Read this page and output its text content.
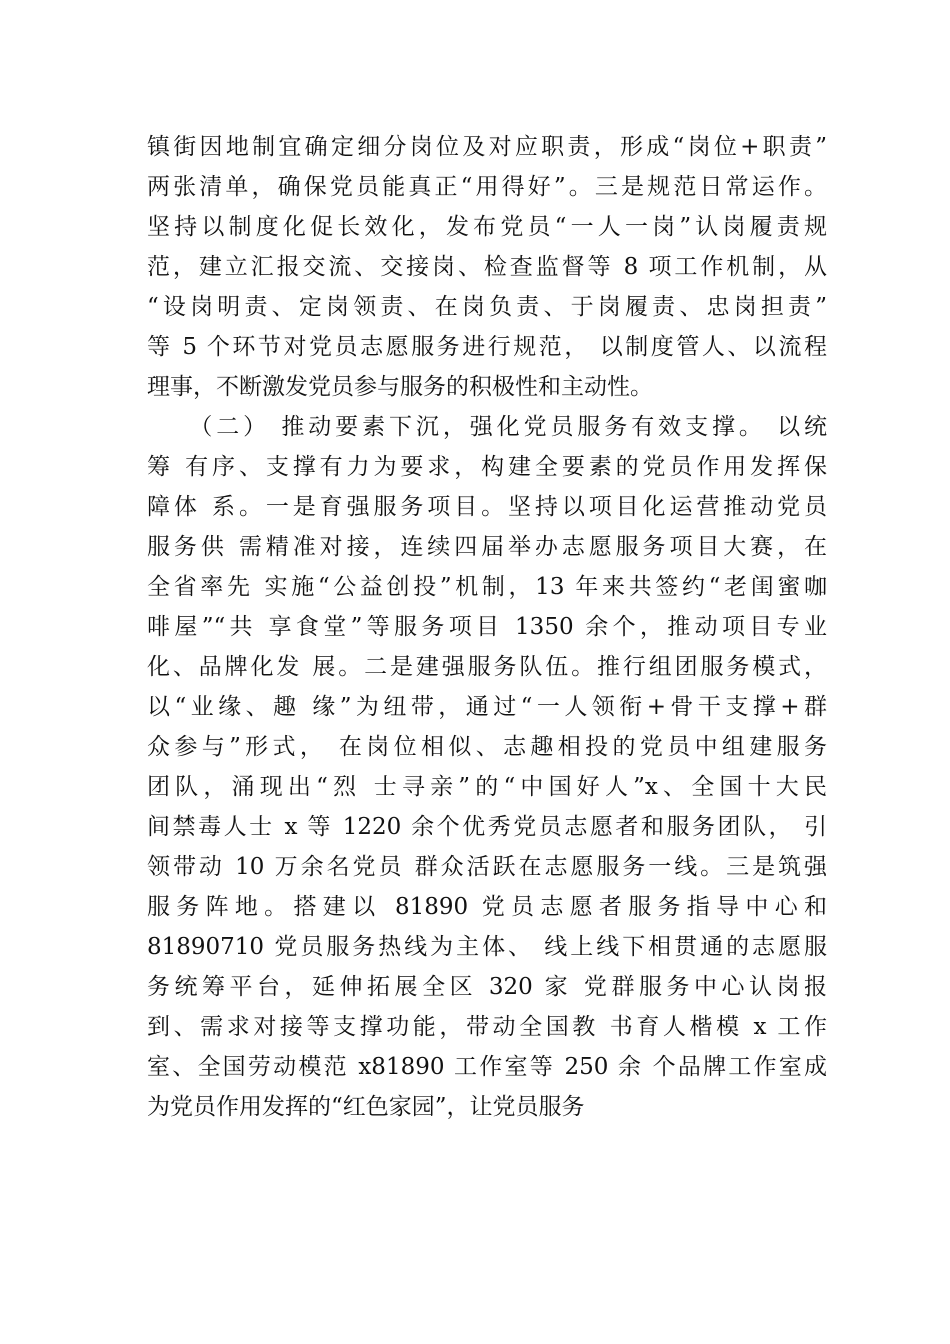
镇街因地制宜确定细分岗位及对应职责，形成“岗位+职责”
两张清单，确保党员能真正“用得好”。三是规范日常运作。
坚持以制度化促长效化，发布党员“一人一岗”认岗履责规
范，建立汇报交流、交接岗、检查监督等 8 项工作机制，从
“设岗明责、定岗领责、在岗负责、于岗履责、忠岗担责”
等 5 个环节对党员志愿服务进行规范， 以制度管人、以流程
理事，不断激发党员参与服务的积极性和主动性。
　　（二） 推动要素下沉，强化党员服务有效支撑。 以统
筹 有序、支撑有力为要求，构建全要素的党员作用发挥保
障体 系。一是育强服务项目。坚持以项目化运营推动党员
服务供 需精准对接，连续四届举办志愿服务项目大赛，在
全省率先 实施“公益创投”机制，13 年来共签约“老闺蜜咖
啡屋”“共 享食堂”等服务项目 1350 余个，推动项目专业
化、品牌化发 展。二是建强服务队伍。推行组团服务模式，
以“业缘、趣 缘”为纽带，通过“一人领衔+骨干支撑+群
众参与”形式， 在岗位相似、志趣相投的党员中组建服务
团队，涌现出“烈 士寻亲”的“中国好人”x、全国十大民
间禁毒人士 x 等 1220 余个优秀党员志愿者和服务团队， 引
领带动 10 万余名党员 群众活跃在志愿服务一线。三是筑强
服务阵地。搭建以 81890 党员志愿者服务指导中心和
81890710 党员服务热线为主体、 线上线下相贯通的志愿服
务统筹平台，延伸拓展全区 320 家 党群服务中心认岗报
到、需求对接等支撑功能，带动全国教 书育人楷模 x 工作
室、全国劳动模范 x81890 工作室等 250 余 个品牌工作室成
为党员作用发挥的“红色家园”，让党员服务
